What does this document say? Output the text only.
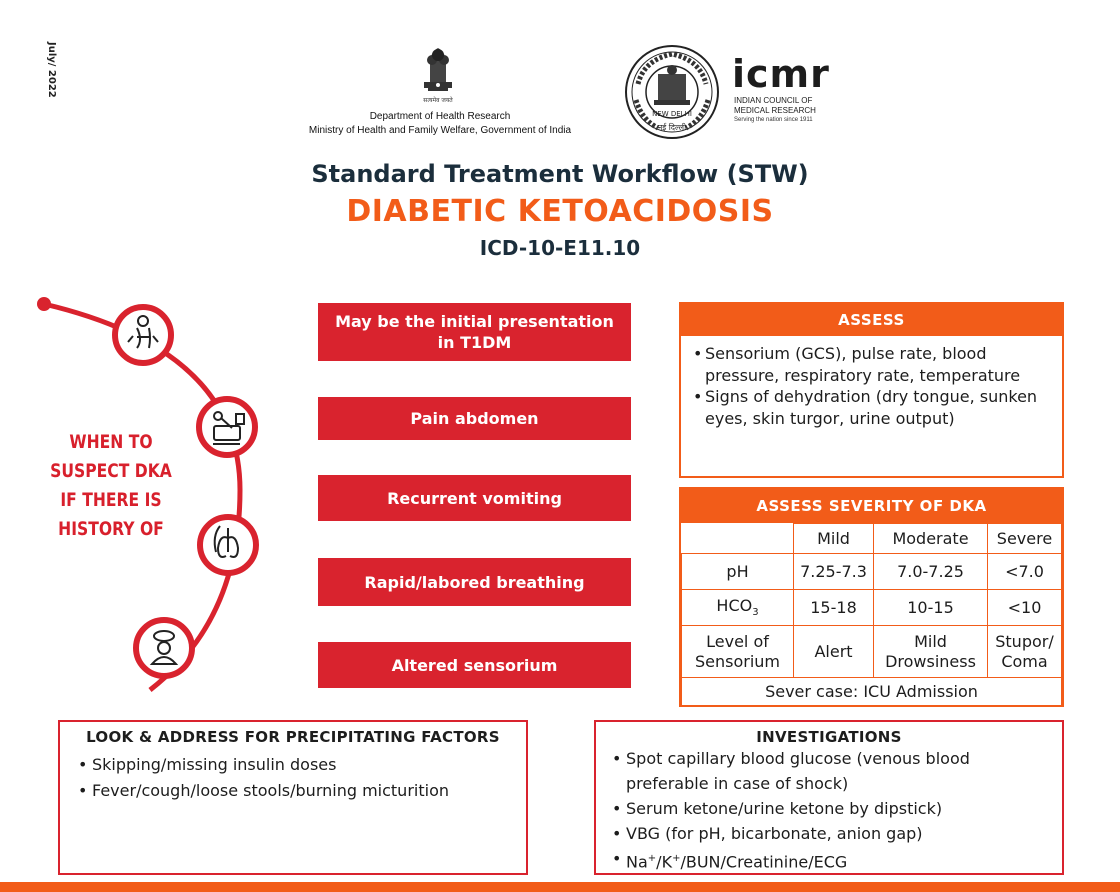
July/ 2022
सत्यमेव जयते
Department of Health Research
Ministry of Health and Family Welfare, Government of India
NEW DELHI
नई दिल्ली
icmr
INDIAN COUNCIL OF
MEDICAL RESEARCH
Serving the nation since 1911
Standard Treatment Workflow (STW)
DIABETIC KETOACIDOSIS
ICD-10-E11.10
WHEN TO
SUSPECT DKA
IF THERE IS
HISTORY OF
May be the initial presentation in T1DM
Pain abdomen
Recurrent vomiting
Rapid/labored breathing
Altered sensorium
ASSESS
• Sensorium (GCS), pulse rate, blood pressure, respiratory rate, temperature
• Signs of dehydration (dry tongue, sunken eyes, skin turgor, urine output)
ASSESS SEVERITY OF DKA
	Mild	Moderate	Severe
pH	7.25-7.3	7.0-7.25	<7.0
$HCO_3$	15-18	10-15	<10
Level of Sensorium	Alert	Mild Drowsiness	Stupor/ Coma
Sever case: ICU Admission			
LOOK & ADDRESS FOR PRECIPITATING FACTORS
• Skipping/missing insulin doses
• Fever/cough/loose stools/burning micturition
INVESTIGATIONS
• Spot capillary blood glucose (venous blood preferable in case of shock)
• Serum ketone/urine ketone by dipstick)
• VBG (for pH, bicarbonate, anion gap)
• Na+/K+/BUN/Creatinine/ECG
